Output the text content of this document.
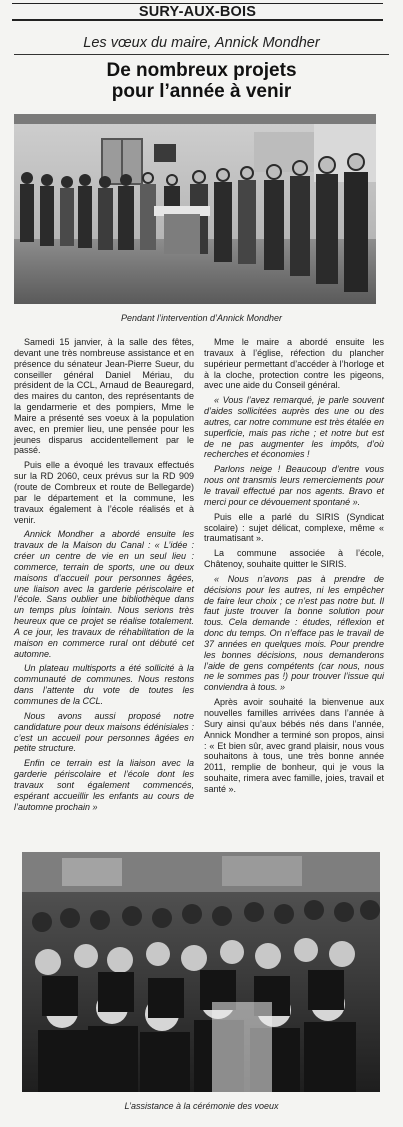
SURY-AUX-BOIS
Les vœux du maire, Annick Mondher
De nombreux projets
pour l’année à venir
Pendant l’intervention d’Annick Mondher

Samedi 15 janvier, à la salle des fêtes, devant une très nombreuse assistance et en présence du sénateur Jean-Pierre Sueur, du conseiller général Daniel Mériau, du président de la CCL, Arnaud de Beauregard, des maires du canton, des représentants de la gendarmerie et des pompiers, Mme le Maire a présenté ses voeux à la population avec, en premier lieu, une pensée pour les jeunes disparus accidentellement par le passé.

Puis elle a évoqué les travaux effectués sur la RD 2060, ceux prévus sur la RD 909 (route de Combreux et route de Bellegarde) par le département et la commune, les travaux également à l’école réalisés et à venir.

Annick Mondher a abordé ensuite les travaux de la Maison du Canal : « L’idée : créer un centre de vie en un seul lieu : commerce, terrain de sports, une ou deux maisons d’accueil pour personnes âgées, une liaison avec la garderie périscolaire et l’école. Sans oublier une bibliothèque dans un temps plus lointain. Nous serions très heureux que ce projet se réalise totalement. A ce jour, les travaux de réhabilitation de la maison en commerce rural ont débuté cet automne.

Un plateau multisports a été sollicité à la communauté de communes. Nous restons dans l’attente du vote de toutes les communes de la CCL.

Nous avons aussi proposé notre candidature pour deux maisons édénisiales : c’est un accueil pour personnes âgées en petite structure.

Enfin ce terrain est la liaison avec la garderie périscolaire et l’école dont les travaux sont également commencés, espérant accueillir les enfants au cours de l’automne prochain »

Mme le maire a abordé ensuite les travaux à l’église, réfection du plancher supérieur permettant d’accéder à l’horloge et à la cloche, protection contre les pigeons, avec une aide du Conseil général.

« Vous l’avez remarqué, je parle souvent d’aides sollicitées auprès des une ou des autres, car notre commune est très étalée en superficie, mais pas riche ; et notre but est de ne pas augmenter les impôts, d’où recherches et économies !

Parlons neige ! Beaucoup d’entre vous nous ont transmis leurs remerciements pour le travail effectué par nos agents. Bravo et merci pour ce dévouement spontané ».

Puis elle a parlé du SIRIS (Syndicat scolaire) : sujet délicat, complexe, même « traumatisant ».

La commune associée à l’école, Châtenoy, souhaite quitter le SIRIS.

« Nous n’avons pas à prendre de décisions pour les autres, ni les empêcher de faire leur choix ; ce n’est pas notre but. Il faut juste trouver la bonne solution pour tous. Cela demande : études, réflexion et donc du temps. On n’efface pas le travail de 37 années en quelques mois. Pour prendre les bonnes décisions, nous demanderons l’aide de gens compétents (car nous, nous ne le sommes pas !) pour trouver l’issue qui conviendra à tous. »

Après avoir souhaité la bienvenue aux nouvelles familles arrivées dans l’année à Sury ainsi qu’aux bébés nés dans l’année, Annick Mondher a terminé son propos, ainsi : « Et bien sûr, avec grand plaisir, nous vous souhaitons à tous, une très bonne année 2011, remplie de bonheur, qui je vous la souhaite, rimera avec famille, joies, travail et santé ».

L’assistance à la cérémonie des voeux
